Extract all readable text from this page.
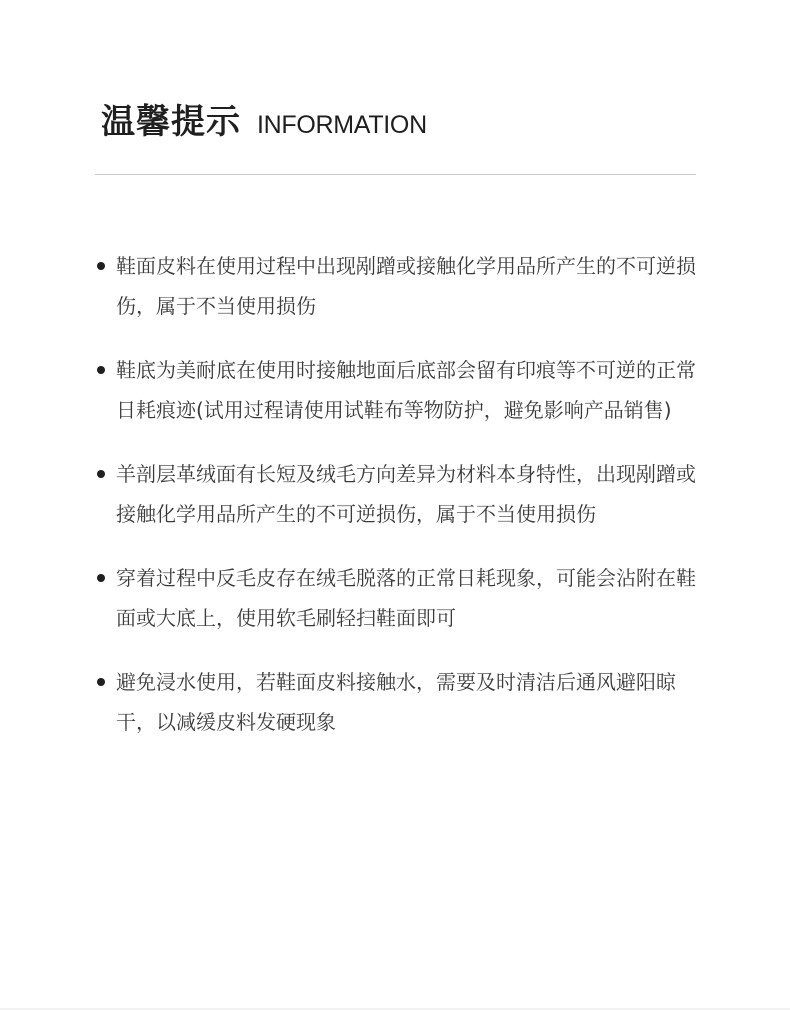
温馨提示 INFORMATION
鞋面皮料在使用过程中出现剐蹭或接触化学用品所产生的不可逆损伤，属于不当使用损伤
鞋底为美耐底在使用时接触地面后底部会留有印痕等不可逆的正常日耗痕迹(试用过程请使用试鞋布等物防护，避免影响产品销售)
羊剖层革绒面有长短及绒毛方向差异为材料本身特性，出现剐蹭或接触化学用品所产生的不可逆损伤，属于不当使用损伤
穿着过程中反毛皮存在绒毛脱落的正常日耗现象，可能会沾附在鞋面或大底上，使用软毛刷轻扫鞋面即可
避免浸水使用，若鞋面皮料接触水，需要及时清洁后通风避阳晾干，以减缓皮料发硬现象
